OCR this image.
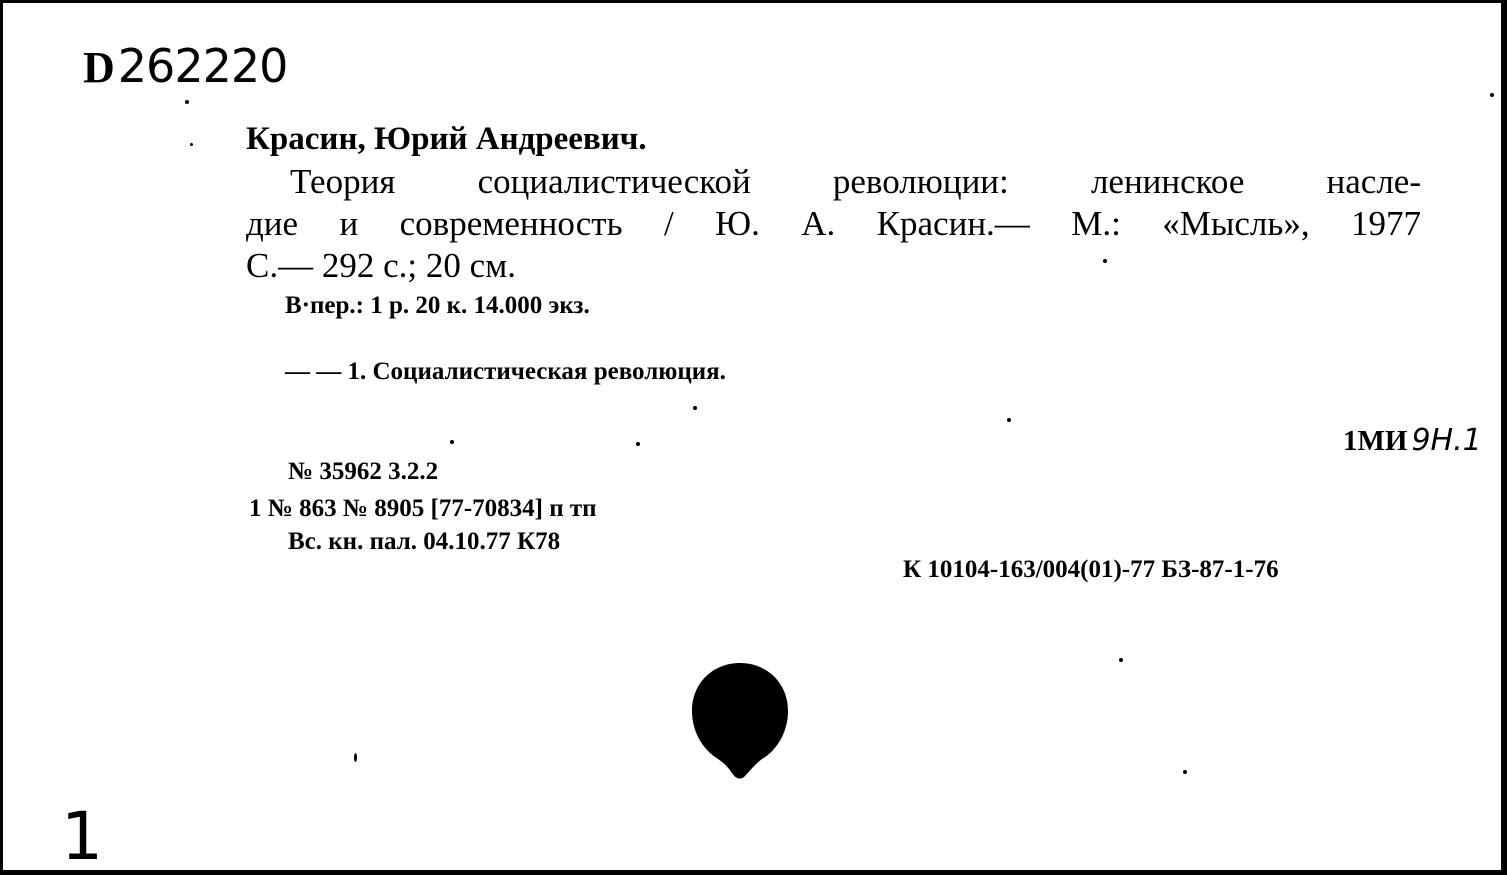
D262220
Красин, Юрий Андреевич.
Теория социалистической революции: ленинское насле-
дие и современность / Ю. А. Красин.— М.: «Мысль», 1977
С.— 292 с.; 20 см.
В·пер.: 1 р. 20 к. 14.000 экз.
— — 1. Социалистическая революция.
1МИ 9Н.1
№ 35962 3.2.2
1 № 863 № 8905 [77-70834] п тп
Вс. кн. пал. 04.10.77 К78
К 10104-163/004(01)-77 БЗ-87-1-76
1
